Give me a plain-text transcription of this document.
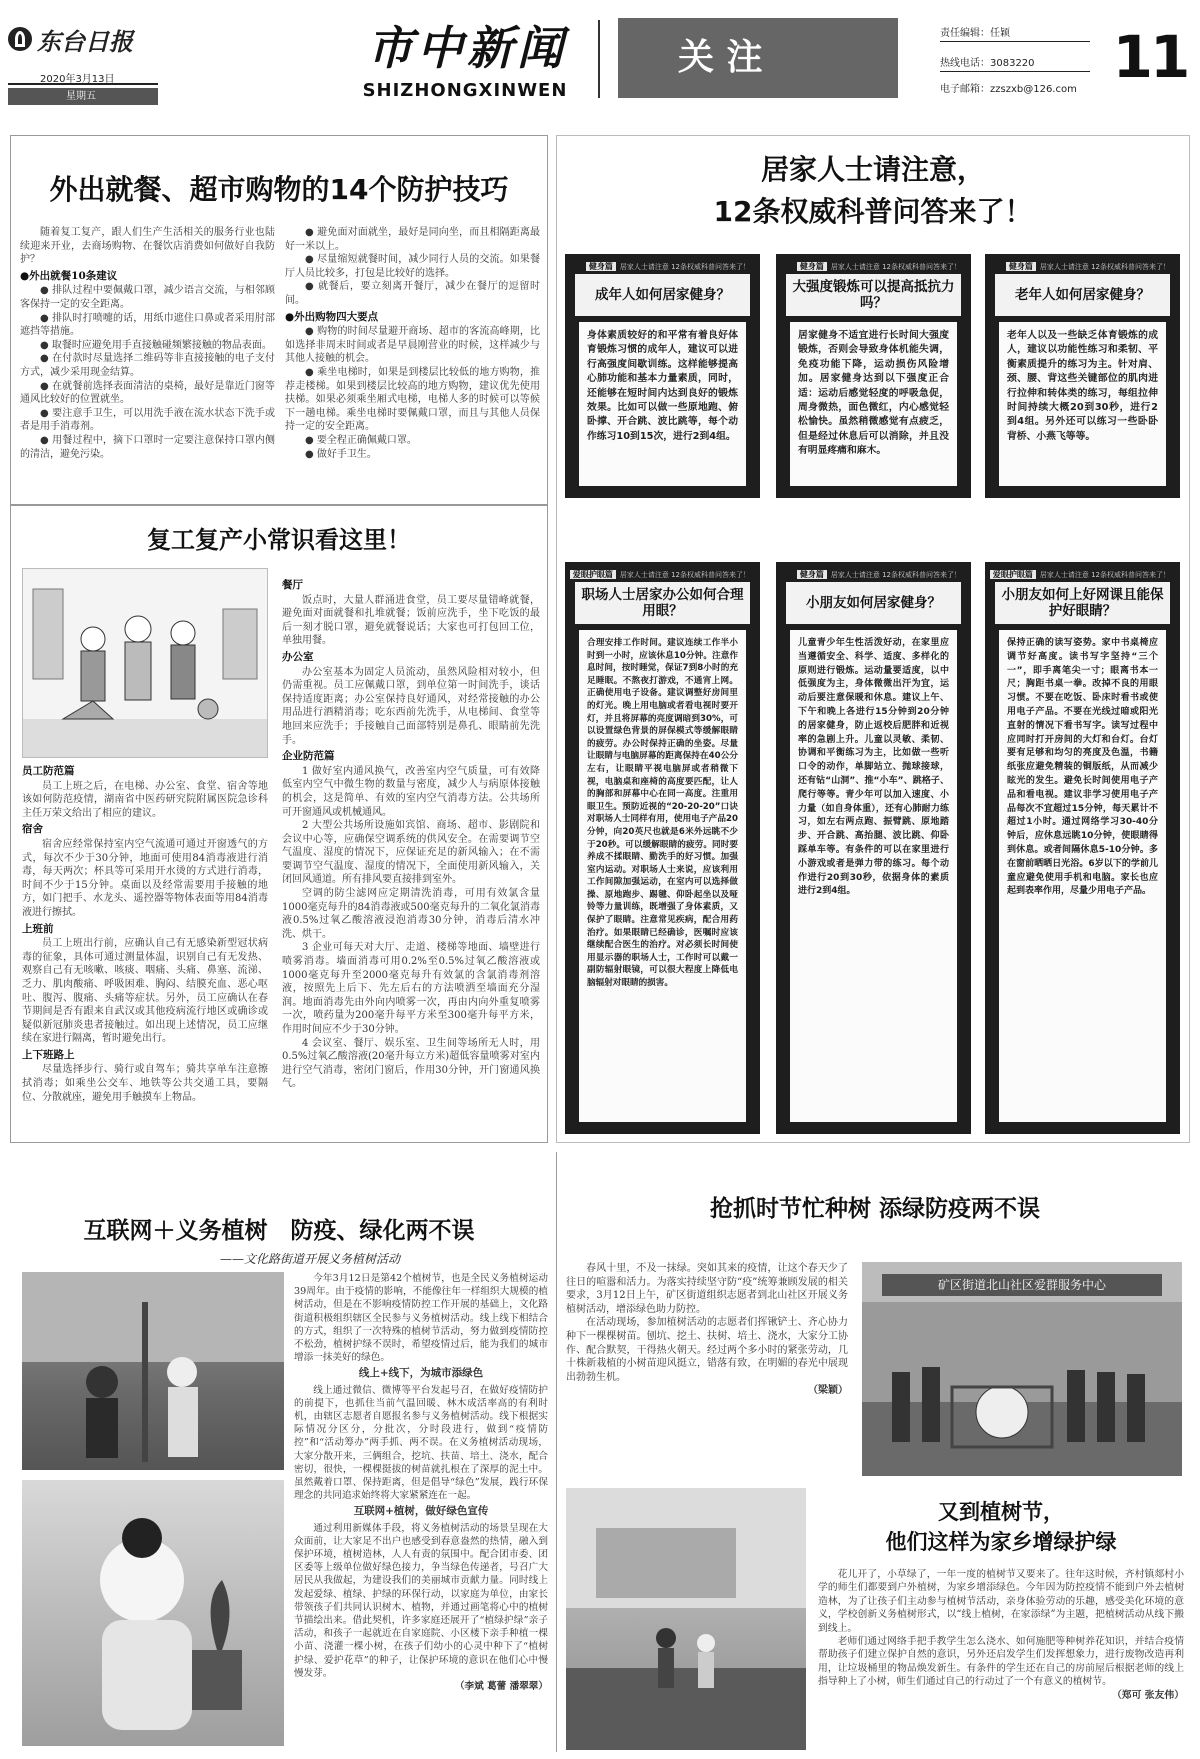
东台日报
2020年3月13日
星期五
市中新闻
SHIZHONGXINWEN
关 注
责任编辑：任颖
热线电话：3083220
电子邮箱：zzszxb@126.com 11
外出就餐、超市购物的14个防护技巧

随着复工复产，跟人们生产生活相关的服务行业也陆续迎来开业，去商场购物、在餐饮店消费如何做好自我防护？

●外出就餐10条建议

● 排队过程中要佩戴口罩，减少语言交流，与相邻顾客保持一定的安全距离。

● 排队时打喷嚏的话，用纸巾遮住口鼻或者采用肘部遮挡等措施。

● 取餐时应避免用手直接触碰频繁接触的物品表面。

● 在付款时尽量选择二维码等非直接接触的电子支付方式，减少采用现金结算。

● 在就餐前选择表面清洁的桌椅，最好是靠近门窗等通风比较好的位置就坐。

● 要注意手卫生，可以用洗手液在流水状态下洗手或者是用手消毒剂。

● 用餐过程中，摘下口罩时一定要注意保持口罩内侧的清洁，避免污染。

● 避免面对面就坐，最好是同向坐，而且相隔距离最好一米以上。

● 尽量缩短就餐时间，减少同行人员的交流。如果餐厅人员比较多，打包是比较好的选择。

● 就餐后，要立刻离开餐厅，减少在餐厅的逗留时间。

●外出购物四大要点

● 购物的时间尽量避开商场、超市的客流高峰期，比如选择非周末时间或者是早晨刚营业的时候，这样减少与其他人接触的机会。

● 乘坐电梯时，如果是到楼层比较低的地方购物，推荐走楼梯。如果到楼层比较高的地方购物，建议优先使用扶梯。如果必须乘坐厢式电梯，电梯人多的时候可以等候下一趟电梯。乘坐电梯时要佩戴口罩，而且与其他人员保持一定的安全距离。

● 要全程正确佩戴口罩。

● 做好手卫生。

复工复产小常识看这里！
员工防范篇

员工上班之后，在电梯、办公室、食堂、宿舍等地该如何防范疫情，湖南省中医药研究院附属医院急诊科主任万荣文给出了相应的建议。

宿舍

宿舍应经常保持室内空气流通可通过开窗透气的方式，每次不少于30分钟，地面可使用84消毒液进行消毒，每天两次；杯具等可采用开水烫的方式进行消毒，时间不少于15分钟。桌面以及经常需要用手接触的地方，如门把手、水龙头、遥控器等物体表面等用84消毒液进行擦拭。

上班前

员工上班出行前，应确认自己有无感染新型冠状病毒的征象，具体可通过测量体温，识别自己有无发热、观察自己有无咳嗽、咳痰、咽痛、头痛、鼻塞、流涕、乏力、肌肉酸痛、呼吸困难、胸闷、结膜充血、恶心呕吐、腹泻、腹痛、头痛等症状。另外，员工应确认在春节期间是否有跟来自武汉或其他疫病流行地区或确诊或疑似新冠肺炎患者接触过。如出现上述情况，员工应继续在家进行隔离，暂时避免出行。

上下班路上

尽量选择步行、骑行或自驾车；骑共享单车注意擦拭消毒；如乘坐公交车、地铁等公共交通工具，要隔位、分散就座，避免用手触摸车上物品。

餐厅

饭点时，大量人群涌进食堂，员工要尽量错峰就餐，避免面对面就餐和扎堆就餐；饭前应洗手，坐下吃饭的最后一刻才脱口罩，避免就餐说话；大家也可打包回工位，单独用餐。

办公室

办公室基本为固定人员流动，虽然风险相对较小，但仍需重视。员工应佩戴口罩，到单位第一时间洗手，谈话保持适度距离；办公室保持良好通风，对经常接触的办公用品进行酒精消毒；吃东西前先洗手，从电梯间、食堂等地回来应洗手；手接触自己面部特别是鼻孔、眼睛前先洗手。

企业防范篇

1 做好室内通风换气，改善室内空气质量，可有效降低室内空气中微生物的数量与密度，减少人与病原体接触的机会，这是简单、有效的室内空气消毒方法。公共场所可开窗通风或机械通风。

2 大型公共场所设施如宾馆、商场、超市、影剧院和会议中心等，应确保空调系统的供风安全。在需要调节空气温度、湿度的情况下，应保证充足的新风输入；在不需要调节空气温度、湿度的情况下，全面使用新风输入，关闭回风通道。所有排风要直接排到室外。

空调的防尘滤网应定期清洗消毒，可用有效氯含量1000毫克每升的84消毒液或500毫克每升的二氧化氯消毒液0.5%过氧乙酸溶液浸泡消毒30分钟，消毒后清水冲洗、烘干。

3 企业可每天对大厅、走道、楼梯等地面、墙壁进行喷雾消毒。墙面消毒可用0.2%至0.5%过氧乙酸溶液或1000毫克每升至2000毫克每升有效氯的含氯消毒剂溶液，按照先上后下、先左后右的方法喷洒至墙面充分湿润。地面消毒先由外向内喷雾一次，再由内向外重复喷雾一次，喷药量为200毫升每平方米至300毫升每平方米，作用时间应不少于30分钟。

4 会议室、餐厅、娱乐室、卫生间等场所无人时，用0.5%过氧乙酸溶液(20毫升每立方米)超低容量喷雾对室内进行空气消毒，密闭门窗后，作用30分钟，开门窗通风换气。

居家人士请注意，
12条权威科普问答来了！
健身篇 居家人士请注意 12条权威科普问答来了！
成年人如何居家健身？
身体素质较好的和平常有着良好体育锻炼习惯的成年人，建议可以进行高强度间歇训练。这样能够提高心肺功能和基本力量素质，同时，还能够在短时间内达到良好的锻炼效果。比如可以做一些原地跑、俯卧撑、开合跳、波比跳等，每个动作练习10到15次，进行2到4组。
健身篇 居家人士请注意 12条权威科普问答来了！
大强度锻炼可以提高抵抗力吗？
居家健身不适宜进行长时间大强度锻炼，否则会导致身体机能失调，免疫功能下降，运动损伤风险增加。居家健身达到以下强度正合适：运动后感觉轻度的呼吸急促，周身微热，面色微红，内心感觉轻松愉快。虽然稍微感觉有点疲乏，但是经过休息后可以消除，并且没有明显疼痛和麻木。
健身篇 居家人士请注意 12条权威科普问答来了！
老年人如何居家健身？
老年人以及一些缺乏体育锻炼的成人，建议以功能性练习和柔韧、平衡素质提升的练习为主。针对肩、颈、腰、背这些关键部位的肌肉进行拉伸和转体类的练习，每组拉伸时间持续大概20到30秒，进行2到4组。另外还可以练习一些卧卧背桥、小燕飞等等。
爱眼护眼篇 居家人士请注意 12条权威科普问答来了！
职场人士居家办公如何合理用眼？
合理安排工作时间。建议连续工作半小时到一小时，应该休息10分钟。注意作息时间，按时睡觉，保证7到8小时的充足睡眠。不熬夜打游戏，不通宵上网。正确使用电子设备。建议调整好房间里的灯光。晚上用电脑或者看电视时要开灯，并且将屏幕的亮度调暗到30%，可以设置绿色背景的屏保模式等缓解眼睛的疲劳。办公时保持正确的坐姿。尽量让眼睛与电脑屏幕的距离保持在40公分左右，让眼睛平视电脑屏或者稍微下视，电脑桌和座椅的高度要匹配，让人的胸部和屏幕中心在同一高度。注重用眼卫生。预防近视的“20-20-20”口诀对职场人士同样有用，使用电子产品20分钟，向20英尺也就是6米外远眺不少于20秒。可以缓解眼睛的疲劳。同时要养成不揉眼睛、勤洗手的好习惯。加强室内运动。对职场人士来说，应该利用工作间隙加强运动，在室内可以选择做操、原地跑步、踢毽、仰卧起坐以及哑铃等力量训练，既增强了身体素质，又保护了眼睛。注意常见疾病，配合用药治疗。如果眼睛已经确诊，医嘱时应该继续配合医生的治疗。对必须长时间使用显示器的职场人士，工作时可以戴一副防辐射眼镜，可以很大程度上降低电脑辐射对眼睛的损害。
健身篇 居家人士请注意 12条权威科普问答来了！
小朋友如何居家健身？
儿童青少年生性活泼好动，在家里应当遵循安全、科学、适度、多样化的原则进行锻炼。运动量要适度，以中低强度为主，身体微微出汗为宜，运动后要注意保暖和休息。建议上午、下午和晚上各进行15分钟到20分钟的居家健身，防止返校后肥胖和近视率的急剧上升。儿童以灵敏、柔韧、协调和平衡练习为主，比如做一些听口令的动作，单脚站立、抛球接球，还有钻“山洞”、推“小车”、跳格子、爬行等等。青少年可以加入速度、小力量（如自身体重），还有心肺耐力练习，如左右两点跑、振臂跳、原地踏步、开合跳、高抬腿、波比跳、仰卧踩单车等。有条件的可以在家里进行小游戏或者是弹力带的练习。每个动作进行20到30秒，依据身体的素质进行2到4组。
爱眼护眼篇 居家人士请注意 12条权威科普问答来了！
小朋友如何上好网课且能保护好眼睛？
保持正确的读写姿势。家中书桌椅应调节好高度。读书写字坚持“三个一”，即手离笔尖一寸；眼离书本一尺；胸距书桌一拳。改掉不良的用眼习惯。不要在吃饭、卧床时看书或使用电子产品。不要在光线过暗或阳光直射的情况下看书写字。读写过程中应同时打开房间的大灯和台灯。台灯要有足够和均匀的亮度及色温，书籍纸张应避免精装的铜版纸，从而减少眩光的发生。避免长时间使用电子产品和看电视。建议非学习使用电子产品每次不宜超过15分钟，每天累计不超过1小时。通过网络学习30-40分钟后，应休息远眺10分钟，使眼睛得到休息。或者间隔休息5-10分钟。多在窗前晒晒日光浴。6岁以下的学前儿童应避免使用手机和电脑。家长也应起到表率作用，尽量少用电子产品。
互联网＋义务植树　防疫、绿化两不误
——文化路街道开展义务植树活动

今年3月12日是第42个植树节，也是全民义务植树运动39周年。由于疫情的影响，不能像往年一样组织大规模的植树活动，但是在不影响疫情防控工作开展的基础上，文化路街道积极组织辖区全民参与义务植树活动。线上线下相结合的方式，组织了一次特殊的植树节活动，努力做到疫情防控不松劲，植树护绿不误时，希望疫情过后，能为我们的城市增添一抹美好的绿色。

线上+线下，为城市添绿色

线上通过微信、微博等平台发起号召，在做好疫情防护的前提下，也抓住当前气温回暖、林木成活率高的有利时机，由辖区志愿者自愿报名参与义务植树活动。线下根据实际情况分区分，分批次，分时段进行，做到“疫情防控”和“活动筹办”两手抓、两不误。在义务植树活动现场，大家分散开来，三俩组合，挖坑、扶苗、培土、浇水，配合密切，很快，一棵棵挺拔的树苗就扎根在了深厚的泥土中。虽然戴着口罩、保持距离，但是倡导“绿色”发展，践行环保理念的共同追求始终将大家紧紧连在一起。

互联网+植树，做好绿色宣传

通过利用新媒体手段，将义务植树活动的场景呈现在大众面前，让大家足不出户也感受到春意盎然的热情，融入到保护环境，植树造林，人人有责的氛围中。配合团市委、团区委等上级单位做好绿色接力，争当绿色传递者，号召广大居民从我做起，为建设我们的美丽城市贡献力量。同时线上发起爱绿、植绿、护绿的环保行动，以家庭为单位，由家长带领孩子们共同认识树木、植物，并通过画笔将心中的植树节描绘出来。借此契机，许多家庭还展开了“植绿护绿”亲子活动，和孩子一起就近在自家庭院、小区楼下亲手种植一棵小苗、浇灌一棵小树，在孩子们幼小的心灵中种下了“植树护绿、爱护花草”的种子，让保护环境的意识在他们心中慢慢发芽。

（李斌 葛蕾 潘翠翠）
抢抓时节忙种树 添绿防疫两不误

春风十里，不及一抹绿。突如其来的疫情，让这个春天少了往日的喧嚣和活力。为落实持续坚守防“疫”统筹兼顾发展的相关要求，3月12日上午，矿区街道组织志愿者到北山社区开展义务植树活动，增添绿色助力防控。

在活动现场，参加植树活动的志愿者们挥锹铲土、齐心协力种下一棵棵树苗。刨坑、挖土、扶树、培土、浇水，大家分工协作、配合默契，干得热火朝天。经过两个多小时的紧张劳动，几十株新栽植的小树苗迎风挺立，错落有致，在明媚的春光中展现出勃勃生机。

（梁颖）
矿区街道北山社区爱群服务中心
又到植树节，
他们这样为家乡增绿护绿

花儿开了，小草绿了，一年一度的植树节又要来了。往年这时候，齐村镇郯村小学的师生们都要到户外植树，为家乡增添绿色。今年因为防控疫情不能到户外去植树造林，为了让孩子们主动参与植树节活动，亲身体验劳动的乐趣，感受美化环境的意义，学校创新义务植树形式，以“线上植树，在家添绿”为主题，把植树活动从线下搬到线上。

老师们通过网络手把手教学生怎么浇水、如何施肥等种树养花知识，并结合疫情帮助孩子们建立保护自然的意识，另外还启发学生们发挥想象力，进行废物改造再利用，让垃圾桶里的物品焕发新生。有条件的学生还在自己的房前屋后根据老师的线上指导种上了小树，师生们通过自己的行动过了一个有意义的植树节。

（郑可 张友伟）
